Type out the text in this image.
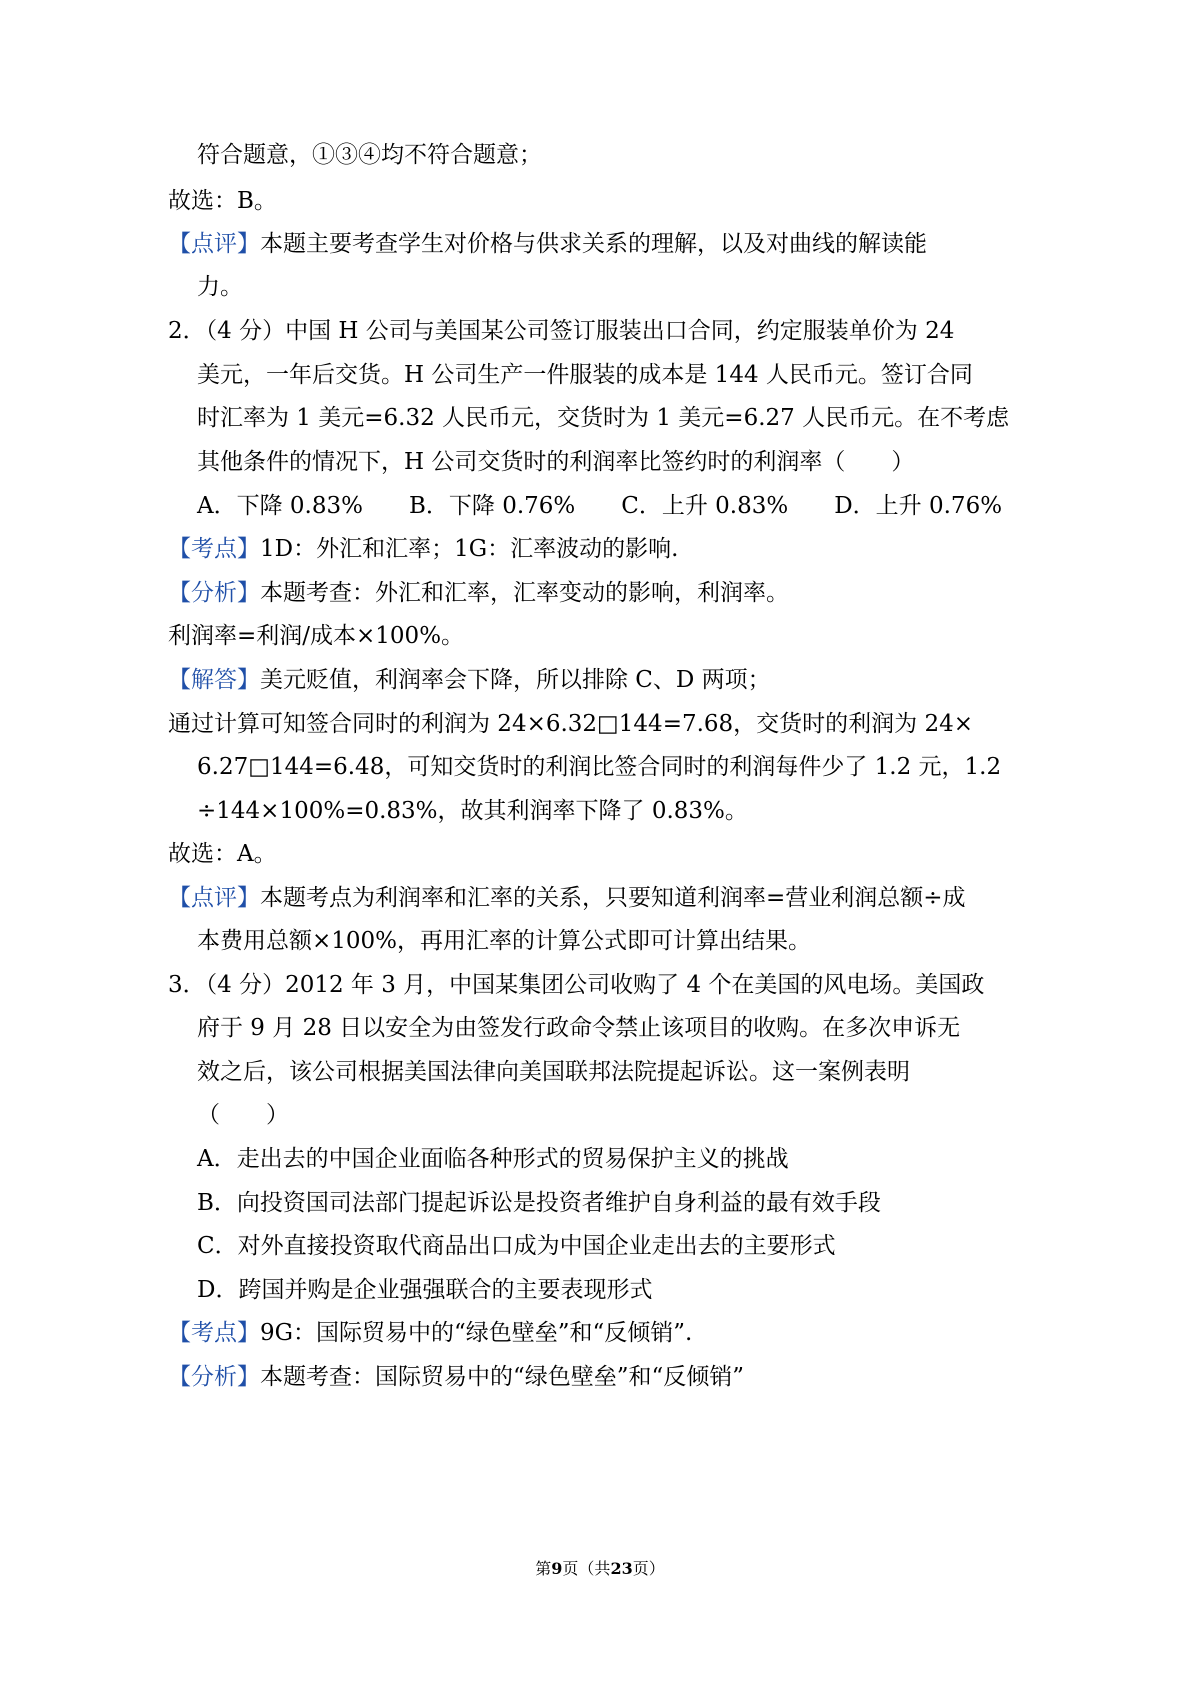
符合题意，①③④均不符合题意；
故选：B。
【点评】本题主要考查学生对价格与供求关系的理解，以及对曲线的解读能
力。
2．（4 分）中国 H 公司与美国某公司签订服装出口合同，约定服装单价为 24
美元，一年后交货。H 公司生产一件服装的成本是 144 人民币元。签订合同
时汇率为 1 美元=6.32 人民币元，交货时为 1 美元=6.27 人民币元。在不考虑
其他条件的情况下，H 公司交货时的利润率比签约时的利润率（　　）
A．下降 0.83%　　B．下降 0.76%　　C．上升 0.83%　　D．上升 0.76%
【考点】1D：外汇和汇率；1G：汇率波动的影响.
【分析】本题考查：外汇和汇率，汇率变动的影响，利润率。
利润率=利润/成本×100%。
【解答】美元贬值，利润率会下降，所以排除 C、D 两项；
通过计算可知签合同时的利润为 24×6.32□144=7.68，交货时的利润为 24×
6.27□144=6.48，可知交货时的利润比签合同时的利润每件少了 1.2 元，1.2
÷144×100%=0.83%，故其利润率下降了 0.83%。
故选：A。
【点评】本题考点为利润率和汇率的关系，只要知道利润率=营业利润总额÷成
本费用总额×100%，再用汇率的计算公式即可计算出结果。
3．（4 分）2012 年 3 月，中国某集团公司收购了 4 个在美国的风电场。美国政
府于 9 月 28 日以安全为由签发行政命令禁止该项目的收购。在多次申诉无
效之后，该公司根据美国法律向美国联邦法院提起诉讼。这一案例表明
（　　）
A．走出去的中国企业面临各种形式的贸易保护主义的挑战
B．向投资国司法部门提起诉讼是投资者维护自身利益的最有效手段
C．对外直接投资取代商品出口成为中国企业走出去的主要形式
D．跨国并购是企业强强联合的主要表现形式
【考点】9G：国际贸易中的“绿色壁垒”和“反倾销”.
【分析】本题考查：国际贸易中的“绿色壁垒”和“反倾销”
第9页（共23页）
